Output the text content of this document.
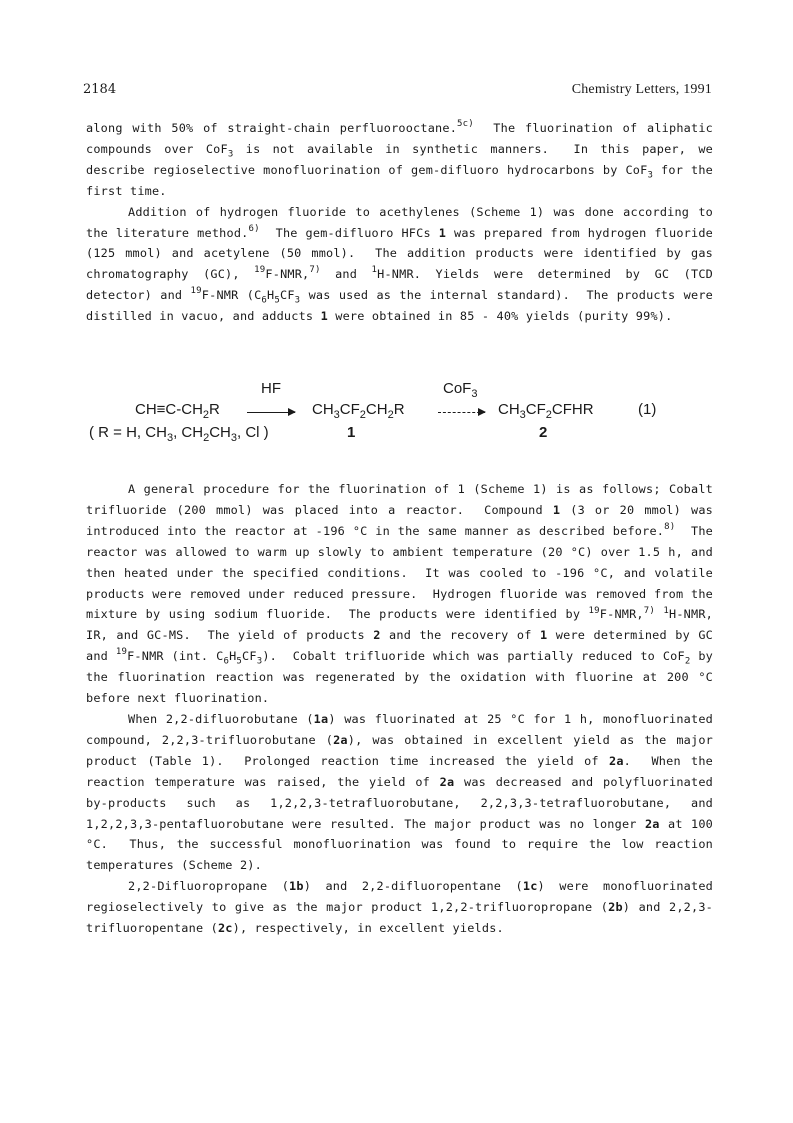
2184	Chemistry Letters, 1991

along with 50% of straight-chain perfluorooctane.$^{5c)}$  The fluorination of aliphatic compounds over CoF$_3$ is not available in synthetic manners.  In this paper, we describe regioselective monofluorination of gem-difluoro hydrocarbons by CoF$_3$ for the first time.

Addition of hydrogen fluoride to acethylenes (Scheme 1) was done according to the literature method.$^{6)}$  The gem-difluoro HFCs 1 was prepared from hydrogen fluoride (125 mmol) and acetylene (50 mmol).  The addition products were identified by gas chromatography (GC), $^{19}$F-NMR,$^{7)}$ and $^1$H-NMR. Yields were determined by GC (TCD detector) and $^{19}$F-NMR ($C_6H_5CF_3$ was used as the internal standard).  The products were distilled in vacuo, and adducts 1 were obtained in 85 - 40% yields (purity 99%).

HF	CoF$_3$
$CH\equiv C-CH_2R \to CH_3CF_2CH_2R$ → $CH_3CF_2CFHR$	(1)
( R = H, $CH_3$, $CH_2CH_3$, Cl )	1	2

A general procedure for the fluorination of 1 (Scheme 1) is as follows; Cobalt trifluoride (200 mmol) was placed into a reactor.  Compound 1 (3 or 20 mmol) was introduced into the reactor at -196 °C in the same manner as described before.$^{8)}$  The reactor was allowed to warm up slowly to ambient temperature (20 °C) over 1.5 h, and then heated under the specified conditions.  It was cooled to -196 °C, and volatile products were removed under reduced pressure.  Hydrogen fluoride was removed from the mixture by using sodium fluoride.  The products were identified by $^{19}$F-NMR,$^{7)}$ $^1$H-NMR, IR, and GC-MS.  The yield of products 2 and the recovery of 1 were determined by GC and $^{19}$F-NMR (int. $C_6H_5CF_3$).  Cobalt trifluoride which was partially reduced to CoF$_2$ by the fluorination reaction was regenerated by the oxidation with fluorine at 200 °C before next fluorination.

When 2,2-difluorobutane (1a) was fluorinated at 25 °C for 1 h, monofluorinated compound, 2,2,3-trifluorobutane (2a), was obtained in excellent yield as the major product (Table 1).  Prolonged reaction time increased the yield of 2a.  When the reaction temperature was raised, the yield of 2a was decreased and polyfluorinated by-products such as 1,2,2,3-tetrafluorobutane, 2,2,3,3-tetrafluorobutane, and 1,2,2,3,3-pentafluorobutane were resulted. The major product was no longer 2a at 100 °C.  Thus, the successful monofluorination was found to require the low reaction temperatures (Scheme 2).

2,2-Difluoropropane (1b) and 2,2-difluoropentane (1c) were monofluorinated regioselectively to give as the major product 1,2,2-trifluoropropane (2b) and 2,2,3-trifluoropentane (2c), respectively, in excellent yields.
